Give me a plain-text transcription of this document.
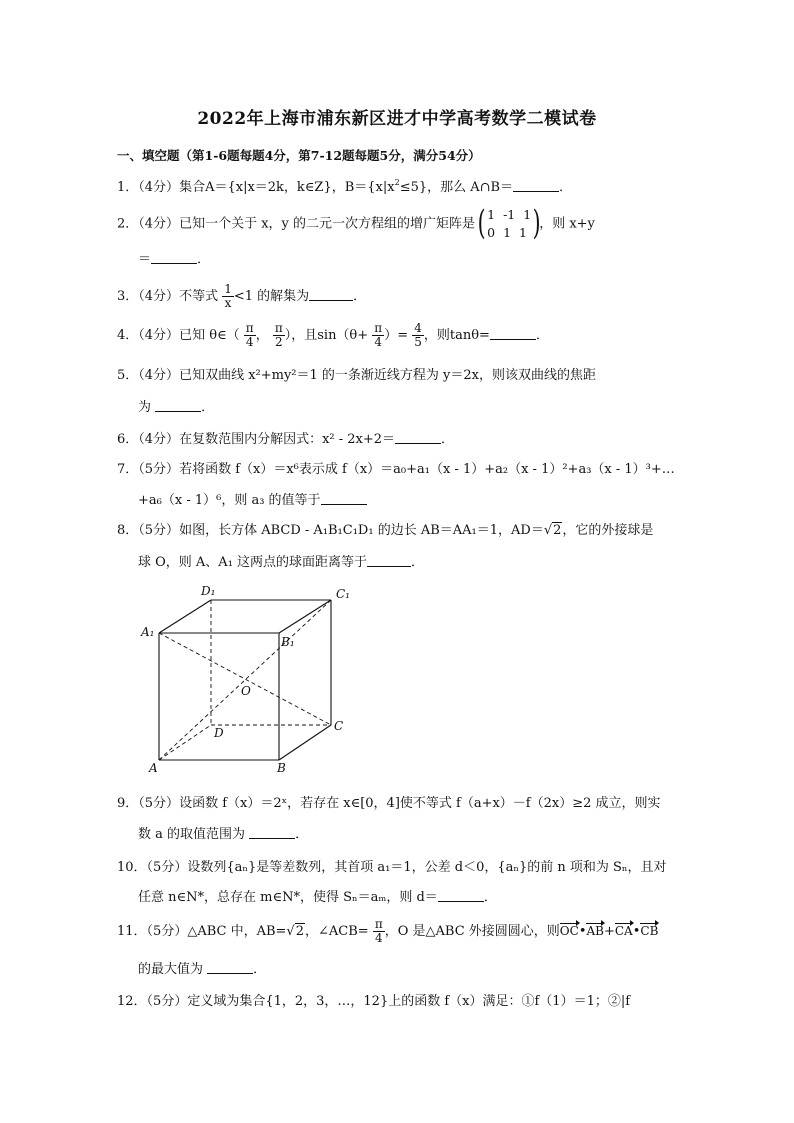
2022年上海市浦东新区进才中学高考数学二模试卷
一、填空题（第1-6题每题4分，第7-12题每题5分，满分54分）
1．（4分）集合A＝{x|x＝2k，k∈Z}，$B=\{x|x^2\le 5\}$，那么 A∩B＝	．
2．（4分）已知一个关于 x，y 的二元一次方程组的增广矩阵是 ( 1 -1 1
0 1 1 )
，则 x+y
＝	．
3．（4分）不等式 $\frac{1}{x} <1$ 的解集为	．
4．（4分）已知 θ∈（ $\frac{\pi}{4}$ ， $\frac{\pi}{2}$ ），且$\sin(\theta+ \frac{\pi}{4}$ ）= $\frac{4}{5}$ ，则tanθ=	．
5．（4分）已知双曲线 x²+my²＝1 的一条渐近线方程为 y＝2x，则该双曲线的焦距
为	．
6．（4分）在复数范围内分解因式：x² - 2x+2＝	．
7．（5分）若将函数 f（x）＝x⁶表示成 f（x）＝a₀+a₁（x - 1）+a₂（x - 1）²+a₃（x - 1）³+…
+a₆（x - 1）⁶，则 a₃ 的值等于
8．（5分）如图，长方体 ABCD - A₁B₁C₁D₁ 的边长 AB＝AA₁＝1，AD＝√2，它的外接球是
球 O，则 A、A₁ 这两点的球面距离等于	．
D₁	C₁
A₁
B₁
O
D	C
A	B
9．（5分）设函数 f（x）＝2ˣ，若存在 x∈[0，4]使不等式 f（a+x）－f（2x）≥2 成立，则实
数 a 的取值范围为	．
10．（5分）设数列{aₙ}是等差数列，其首项 a₁＝1，公差 d＜0，{aₙ}的前 n 项和为 Sₙ，且对
任意 n∈N*，总存在 m∈N*，使得 Sₙ＝aₘ，则 d＝	．
11．（5分）△ABC 中，AB=√2，∠ACB= $\frac{\pi}{4}$ ，O 是△ABC 外接圆圆心，则OC•AB+CA•CB
的最大值为	．
12．（5分）定义域为集合{1，2，3，…，12}上的函数 f（x）满足：①f（1）＝1；②|f
